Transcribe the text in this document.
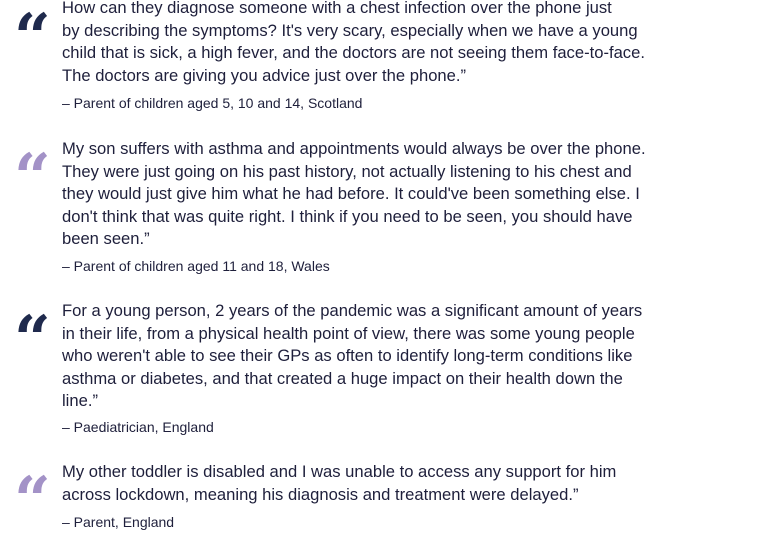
“ How can they diagnose someone with a chest infection over the phone just
by describing the symptoms? It's very scary, especially when we have a young
child that is sick, a high fever, and the doctors are not seeing them face-to-face.
The doctors are giving you advice just over the phone.”

– Parent of children aged 5, 10 and 14, Scotland

“ My son suffers with asthma and appointments would always be over the phone.
They were just going on his past history, not actually listening to his chest and
they would just give him what he had before. It could've been something else. I
don't think that was quite right. I think if you need to be seen, you should have
been seen.”

– Parent of children aged 11 and 18, Wales

“ For a young person, 2 years of the pandemic was a significant amount of years
in their life, from a physical health point of view, there was some young people
who weren't able to see their GPs as often to identify long-term conditions like
asthma or diabetes, and that created a huge impact on their health down the
line.”

– Paediatrician, England

“ My other toddler is disabled and I was unable to access any support for him
across lockdown, meaning his diagnosis and treatment were delayed.”

– Parent, England
